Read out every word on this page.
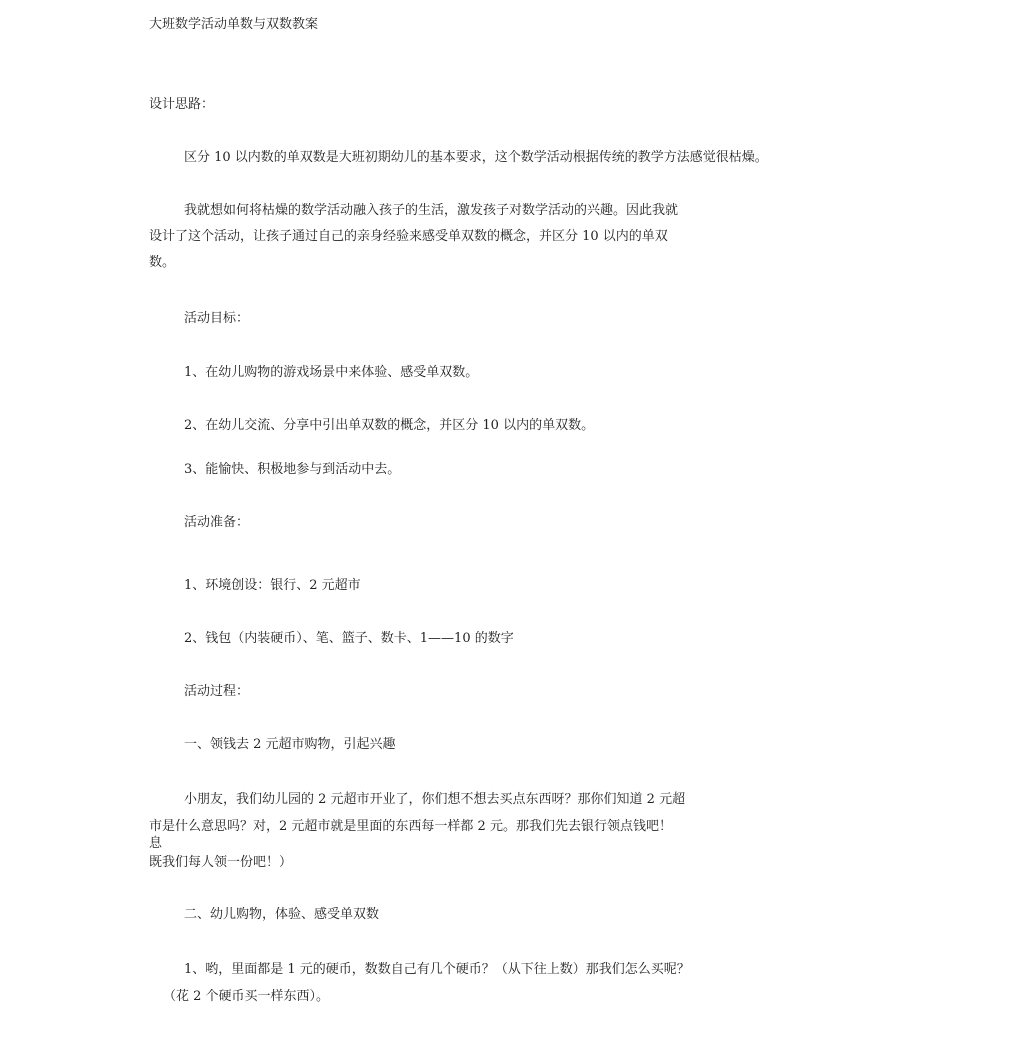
大班数学活动单数与双数教案
设计思路：
区分 10 以内数的单双数是大班初期幼儿的基本要求，这个数学活动根据传统的教学方法感觉很枯燥。
我就想如何将枯燥的数学活动融入孩子的生活，激发孩子对数学活动的兴趣。因此我就
设计了这个活动，让孩子通过自己的亲身经验来感受单双数的概念，并区分 10 以内的单双
数。
活动目标：
1、在幼儿购物的游戏场景中来体验、感受单双数。
2、在幼儿交流、分享中引出单双数的概念，并区分 10 以内的单双数。
3、能愉快、积极地参与到活动中去。
活动准备：
1、环境创设：银行、2 元超市
2、钱包（内装硬币）、笔、篮子、数卡、1——10 的数字
活动过程：
一、领钱去 2 元超市购物，引起兴趣
小朋友，我们幼儿园的 2 元超市开业了，你们想不想去买点东西呀？那你们知道 2 元超
市是什么意思吗？对，2 元超市就是里面的东西每一样都 2 元。那我们先去银行领点钱吧！
息
既我们每人领一份吧！）
二、幼儿购物，体验、感受单双数
1、哟，里面都是 1 元的硬币，数数自己有几个硬币？（从下往上数）那我们怎么买呢？
（花 2 个硬币买一样东西）。
